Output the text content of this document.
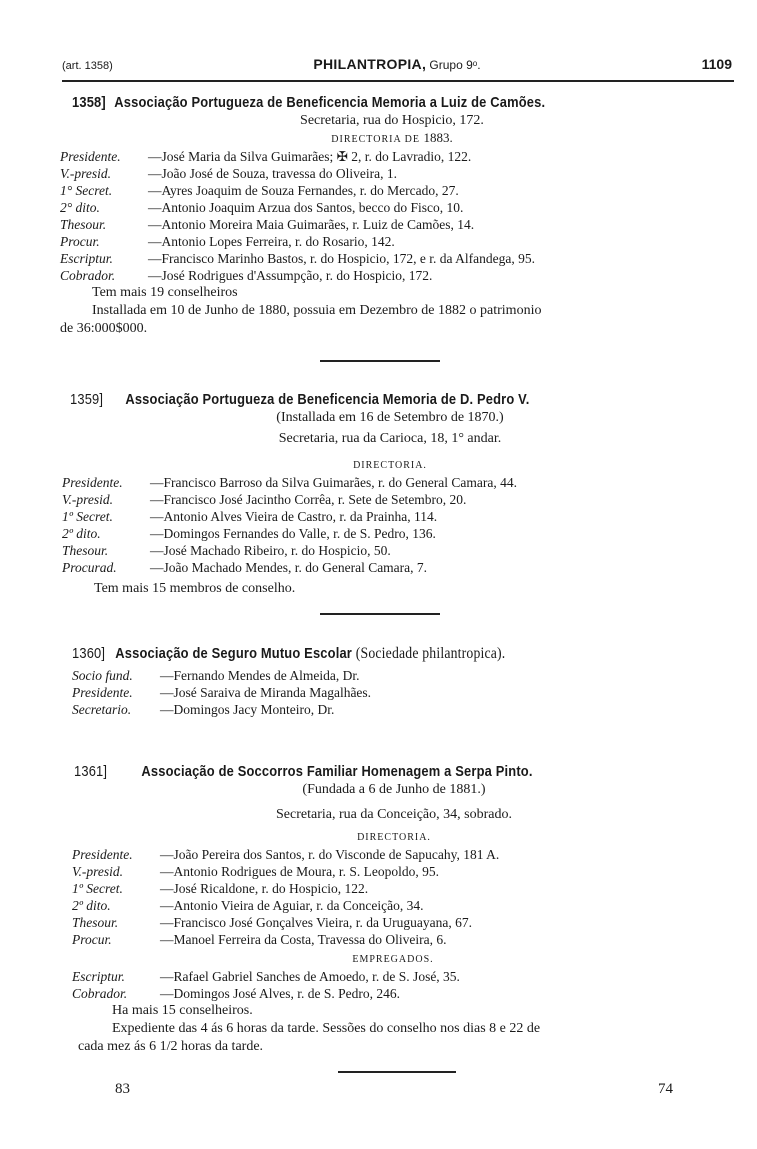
(art. 1358)	PHILANTROPIA, Grupo 9ᵒ.	1109
1358] Associação Portugueza de Beneficencia Memoria a Luiz de Camões.
Secretaria, rua do Hospicio, 172.
DIRECTORIA DE 1883.
Presidente. —José Maria da Silva Guimarães; ✠ 2, r. do Lavradio, 122.
V.-presid.	—João José de Souza, travessa do Oliveira, 1.
1° Secret.	—Ayres Joaquim de Souza Fernandes, r. do Mercado, 27.
2° dito.	—Antonio Joaquim Arzua dos Santos, becco do Fisco, 10.
Thesour.	—Antonio Moreira Maia Guimarães, r. Luiz de Camões, 14.
Procur.	—Antonio Lopes Ferreira, r. do Rosario, 142.
Escriptur.	—Francisco Marinho Bastos, r. do Hospicio, 172, e r. da Alfandega, 95.
Cobrador. —José Rodrigues d'Assumpção, r. do Hospicio, 172.
Tem mais 19 conselheiros
Installada em 10 de Junho de 1880, possuia em Dezembro de 1882 o patrimonio
de 36:000$000.
1359] Associação Portugueza de Beneficencia Memoria de D. Pedro V.
(Installada em 16 de Setembro de 1870.)
Secretaria, rua da Carioca, 18, 1° andar.
DIRECTORIA.
Presidente. —Francisco Barroso da Silva Guimarães, r. do General Camara, 44.
V.-presid.	—Francisco José Jacintho Corrêa, r. Sete de Setembro, 20.
1º Secret.	—Antonio Alves Vieira de Castro, r. da Prainha, 114.
2º dito.	—Domingos Fernandes do Valle, r. de S. Pedro, 136.
Thesour.	—José Machado Ribeiro, r. do Hospicio, 50.
Procurad. —João Machado Mendes, r. do General Camara, 7.
Tem mais 15 membros de conselho.
1360] Associação de Seguro Mutuo Escolar (Sociedade philantropica).
Socio fund. —Fernando Mendes de Almeida, Dr.
Presidente. —José Saraiva de Miranda Magalhães.
Secretario. —Domingos Jacy Monteiro, Dr.
1361] Associação de Soccorros Familiar Homenagem a Serpa Pinto.
(Fundada a 6 de Junho de 1881.)
Secretaria, rua da Conceição, 34, sobrado.
DIRECTORIA.
Presidente. —João Pereira dos Santos, r. do Visconde de Sapucahy, 181 A.
V.-presid.	—Antonio Rodrigues de Moura, r. S. Leopoldo, 95.
1º Secret.	—José Ricaldone, r. do Hospicio, 122.
2º dito.	—Antonio Vieira de Aguiar, r. da Conceição, 34.
Thesour.	—Francisco José Gonçalves Vieira, r. da Uruguayana, 67.
Procur.	—Manoel Ferreira da Costa, Travessa do Oliveira, 6.
EMPREGADOS.
Escriptur.	—Rafael Gabriel Sanches de Amoedo, r. de S. José, 35.
Cobrador. —Domingos José Alves, r. de S. Pedro, 246.
Ha mais 15 conselheiros.
Expediente das 4 ás 6 horas da tarde. Sessões do conselho nos dias 8 e 22 de
cada mez ás 6 1/2 horas da tarde.
83	74
